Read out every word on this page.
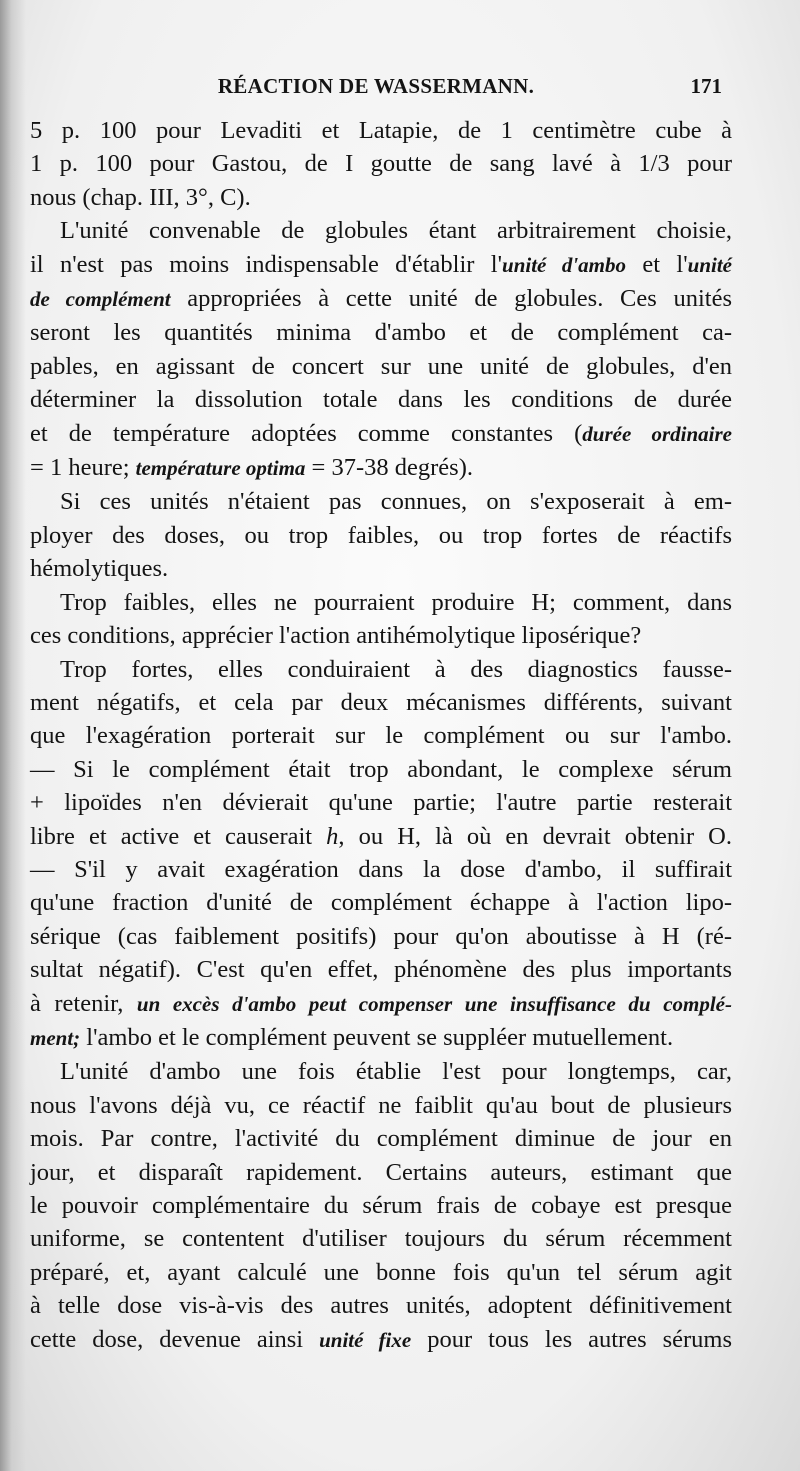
RÉACTION DE WASSERMANN.	171
5 p. 100 pour Levaditi et Latapie, de 1 centimètre cube à
1 p. 100 pour Gastou, de I goutte de sang lavé à 1/3 pour
nous (chap. III, 3°, C).
L'unité convenable de globules étant arbitrairement choisie,
il n'est pas moins indispensable d'établir l'unité d'ambo et l'unité
de complément appropriées à cette unité de globules. Ces unités
seront les quantités minima d'ambo et de complément ca-
pables, en agissant de concert sur une unité de globules, d'en
déterminer la dissolution totale dans les conditions de durée
et de température adoptées comme constantes (durée ordinaire
= 1 heure; température optima = 37-38 degrés).
Si ces unités n'étaient pas connues, on s'exposerait à em-
ployer des doses, ou trop faibles, ou trop fortes de réactifs
hémolytiques.
Trop faibles, elles ne pourraient produire H; comment, dans
ces conditions, apprécier l'action antihémolytique liposérique?
Trop fortes, elles conduiraient à des diagnostics fausse-
ment négatifs, et cela par deux mécanismes différents, suivant
que l'exagération porterait sur le complément ou sur l'ambo.
— Si le complément était trop abondant, le complexe sérum
+ lipoïdes n'en dévierait qu'une partie; l'autre partie resterait
libre et active et causerait h, ou H, là où en devrait obtenir O.
— S'il y avait exagération dans la dose d'ambo, il suffirait
qu'une fraction d'unité de complément échappe à l'action lipo-
sérique (cas faiblement positifs) pour qu'on aboutisse à H (ré-
sultat négatif). C'est qu'en effet, phénomène des plus importants
à retenir, un excès d'ambo peut compenser une insuffisance du complé-
ment; l'ambo et le complément peuvent se suppléer mutuellement.
L'unité d'ambo une fois établie l'est pour longtemps, car,
nous l'avons déjà vu, ce réactif ne faiblit qu'au bout de plusieurs
mois. Par contre, l'activité du complément diminue de jour en
jour, et disparaît rapidement. Certains auteurs, estimant que
le pouvoir complémentaire du sérum frais de cobaye est presque
uniforme, se contentent d'utiliser toujours du sérum récemment
préparé, et, ayant calculé une bonne fois qu'un tel sérum agit
à telle dose vis-à-vis des autres unités, adoptent définitivement
cette dose, devenue ainsi unité fixe pour tous les autres sérums
